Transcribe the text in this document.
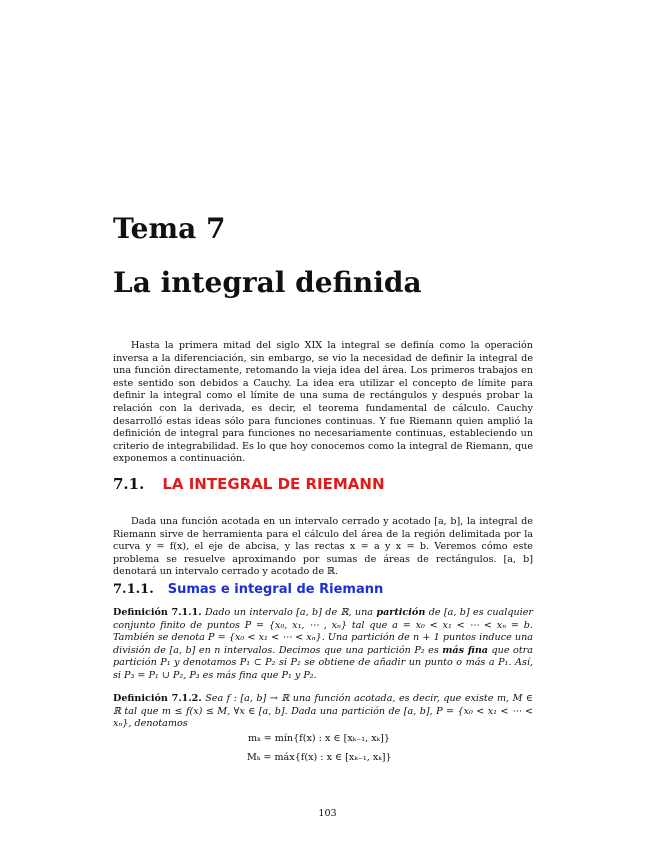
Tema 7
La integral definida
Hasta la primera mitad del siglo XIX la integral se definía como la operación inversa a la diferenciación, sin embargo, se vio la necesidad de definir la integral de una función directamente, retomando la vieja idea del área. Los primeros trabajos en este sentido son debidos a Cauchy. La idea era utilizar el concepto de límite para definir la integral como el límite de una suma de rectángulos y después probar la relación con la derivada, es decir, el teorema fundamental de cálculo. Cauchy desarrolló estas ideas sólo para funciones continuas. Y fue Riemann quien amplió la definición de integral para funciones no necesariamente continuas, estableciendo un criterio de integrabilidad. Es lo que hoy conocemos como la integral de Riemann, que exponemos a continuación.
7.1. LA INTEGRAL DE RIEMANN
Dada una función acotada en un intervalo cerrado y acotado [a, b], la integral de Riemann sirve de herramienta para el cálculo del área de la región delimitada por la curva y = f(x), el eje de abcisa, y las rectas x = a y x = b. Veremos cómo este problema se resuelve aproximando por sumas de áreas de rectángulos. [a, b] denotará un intervalo cerrado y acotado de ℝ.
7.1.1. Sumas e integral de Riemann
Definición 7.1.1. Dado un intervalo [a, b] de ℝ, una partición de [a, b] es cualquier conjunto finito de puntos P = {x₀, x₁, ⋯ , xₙ} tal que a = x₀ < x₁ < ⋯ < xₙ = b. También se denota P = {x₀ < x₁ < ⋯ < xₙ}. Una partición de n + 1 puntos induce una división de [a, b] en n intervalos. Decimos que una partición P₂ es más fina que otra partición P₁ y denotamos P₁ ⊂ P₂ si P₂ se obtiene de añadir un punto o más a P₁. Así, si P₃ = P₁ ∪ P₂, P₃ es más fina que P₁ y P₂.
Definición 7.1.2. Sea f : [a, b] → ℝ una función acotada, es decir, que existe m, M ∈ ℝ tal que m ≤ f(x) ≤ M, ∀x ∈ [a, b]. Dada una partición de [a, b], P = {x₀ < x₁ < ⋯ < xₙ}, denotamos
mₖ = mín{f(x) : x ∈ [xₖ₋₁, xₖ]}
Mₖ = máx{f(x) : x ∈ [xₖ₋₁, xₖ]}
103
